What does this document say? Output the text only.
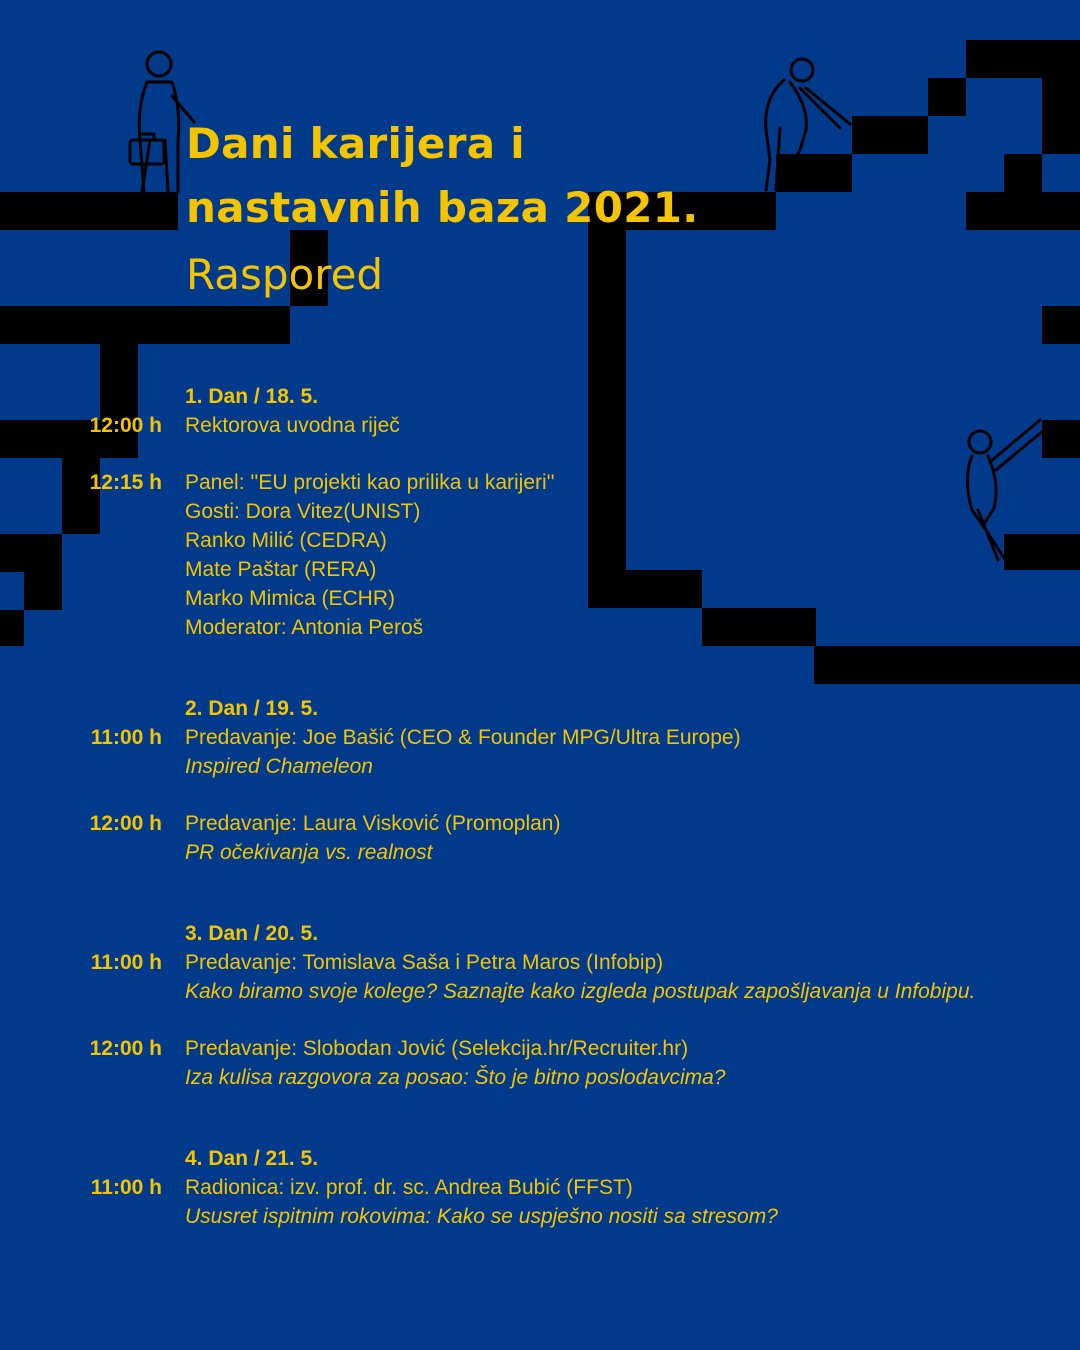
Dani karijera i
nastavnih baza 2021.
Raspored
1. Dan / 18. 5.
12:00 h Rektorova uvodna riječ
12:15 h Panel: ''EU projekti kao prilika u karijeri''
Gosti: Dora Vitez(UNIST)
Ranko Milić (CEDRA)
Mate Paštar (RERA)
Marko Mimica (ECHR)
Moderator: Antonia Peroš
2. Dan / 19. 5.
11:00 h Predavanje: Joe Bašić (CEO & Founder MPG/Ultra Europe)
Inspired Chameleon
12:00 h Predavanje: Laura Visković (Promoplan)
PR očekivanja vs. realnost
3. Dan / 20. 5.
11:00 h Predavanje: Tomislava Saša i Petra Maros (Infobip)
Kako biramo svoje kolege? Saznajte kako izgleda postupak zapošljavanja u Infobipu.
12:00 h Predavanje: Slobodan Jović (Selekcija.hr/Recruiter.hr)
Iza kulisa razgovora za posao: Što je bitno poslodavcima?
4. Dan / 21. 5.
11:00 h Radionica: izv. prof. dr. sc. Andrea Bubić (FFST)
Ususret ispitnim rokovima: Kako se uspješno nositi sa stresom?
